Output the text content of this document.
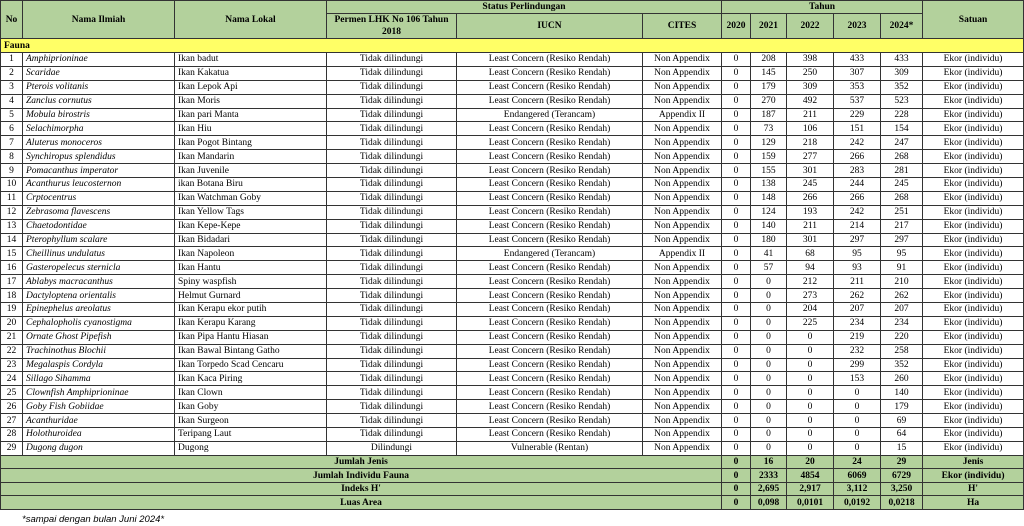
No	Nama Ilmiah	Nama Lokal	Status Perlindungan			Tahun					Satuan
			Permen LHK No 106 Tahun 2018	IUCN	CITES	2020	2021	2022	2023	2024*	
Fauna											
1	Amphiprioninae	Ikan badut	Tidak dilindungi	Least Concern (Resiko Rendah)	Non Appendix	0	208	398	433	433	Ekor (individu)
2	Scaridae	Ikan Kakatua	Tidak dilindungi	Least Concern (Resiko Rendah)	Non Appendix	0	145	250	307	309	Ekor (individu)
3	Pterois volitanis	Ikan Lepok Api	Tidak dilindungi	Least Concern (Resiko Rendah)	Non Appendix	0	179	309	353	352	Ekor (individu)
4	Zanclus cornutus	Ikan Moris	Tidak dilindungi	Least Concern (Resiko Rendah)	Non Appendix	0	270	492	537	523	Ekor (individu)
5	Mobula birostris	Ikan pari Manta	Tidak dilindungi	Endangered (Terancam)	Appendix II	0	187	211	229	228	Ekor (individu)
6	Selachimorpha	Ikan Hiu	Tidak dilindungi	Least Concern (Resiko Rendah)	Non Appendix	0	73	106	151	154	Ekor (individu)
7	Aluterus monoceros	Ikan Pogot Bintang	Tidak dilindungi	Least Concern (Resiko Rendah)	Non Appendix	0	129	218	242	247	Ekor (individu)
8	Synchiropus splendidus	Ikan Mandarin	Tidak dilindungi	Least Concern (Resiko Rendah)	Non Appendix	0	159	277	266	268	Ekor (individu)
9	Pomacanthus imperator	Ikan Juvenile	Tidak dilindungi	Least Concern (Resiko Rendah)	Non Appendix	0	155	301	283	281	Ekor (individu)
10	Acanthurus leucosternon	ikan Botana Biru	Tidak dilindungi	Least Concern (Resiko Rendah)	Non Appendix	0	138	245	244	245	Ekor (individu)
11	Crptocentrus	Ikan Watchman Goby	Tidak dilindungi	Least Concern (Resiko Rendah)	Non Appendix	0	148	266	266	268	Ekor (individu)
12	Zebrasoma flavescens	Ikan Yellow Tags	Tidak dilindungi	Least Concern (Resiko Rendah)	Non Appendix	0	124	193	242	251	Ekor (individu)
13	Chaetodontidae	Ikan Kepe-Kepe	Tidak dilindungi	Least Concern (Resiko Rendah)	Non Appendix	0	140	211	214	217	Ekor (individu)
14	Pterophyllum scalare	Ikan Bidadari	Tidak dilindungi	Least Concern (Resiko Rendah)	Non Appendix	0	180	301	297	297	Ekor (individu)
15	Cheillinus undulatus	Ikan Napoleon	Tidak dilindungi	Endangered (Terancam)	Appendix II	0	41	68	95	95	Ekor (individu)
16	Gasteropelecus sternicla	Ikan Hantu	Tidak dilindungi	Least Concern (Resiko Rendah)	Non Appendix	0	57	94	93	91	Ekor (individu)
17	Ablabys macracanthus	Spiny waspfish	Tidak dilindungi	Least Concern (Resiko Rendah)	Non Appendix	0	0	212	211	210	Ekor (individu)
18	Dactyloptena orientalis	Helmut Gurnard	Tidak dilindungi	Least Concern (Resiko Rendah)	Non Appendix	0	0	273	262	262	Ekor (individu)
19	Epinephelus areolatus	Ikan Kerapu ekor putih	Tidak dilindungi	Least Concern (Resiko Rendah)	Non Appendix	0	0	204	207	207	Ekor (individu)
20	Cephalopholis cyanostigma	Ikan Kerapu Karang	Tidak dilindungi	Least Concern (Resiko Rendah)	Non Appendix	0	0	225	234	234	Ekor (individu)
21	Ornate Ghost Pipefish	Ikan Pipa Hantu Hiasan	Tidak dilindungi	Least Concern (Resiko Rendah)	Non Appendix	0	0	0	219	220	Ekor (individu)
22	Trachinothus Blochii	Ikan Bawal Bintang Gatho	Tidak dilindungi	Least Concern (Resiko Rendah)	Non Appendix	0	0	0	232	258	Ekor (individu)
23	Megalaspis Cordyla	Ikan Torpedo Scad Cencaru	Tidak dilindungi	Least Concern (Resiko Rendah)	Non Appendix	0	0	0	299	352	Ekor (individu)
24	Sillago Sihamma	Ikan Kaca Piring	Tidak dilindungi	Least Concern (Resiko Rendah)	Non Appendix	0	0	0	153	260	Ekor (individu)
25	Clownfish Amphiprioninae	Ikan Clown	Tidak dilindungi	Least Concern (Resiko Rendah)	Non Appendix	0	0	0	0	140	Ekor (individu)
26	Goby Fish Gobiidae	Ikan Goby	Tidak dilindungi	Least Concern (Resiko Rendah)	Non Appendix	0	0	0	0	179	Ekor (individu)
27	Acanthuridae	Ikan Surgeon	Tidak dilindungi	Least Concern (Resiko Rendah)	Non Appendix	0	0	0	0	69	Ekor (individu)
28	Holothuroidea	Teripang Laut	Tidak dilindungi	Least Concern (Resiko Rendah)	Non Appendix	0	0	0	0	64	Ekor (individu)
29	Dugong dugon	Dugong	Dilindungi	Vulnerable (Rentan)	Non Appendix	0	0	0	0	15	Ekor (individu)
Jumlah Jenis						0	16	20	24	29	Jenis
Jumlah Individu Fauna						0	2333	4854	6069	6729	Ekor (individu)
Indeks H'						0	2,695	2,917	3,112	3,250	H'
Luas Area						0	0,098	0,0101	0,0192	0,0218	Ha
*sampai dengan bulan Juni 2024*
